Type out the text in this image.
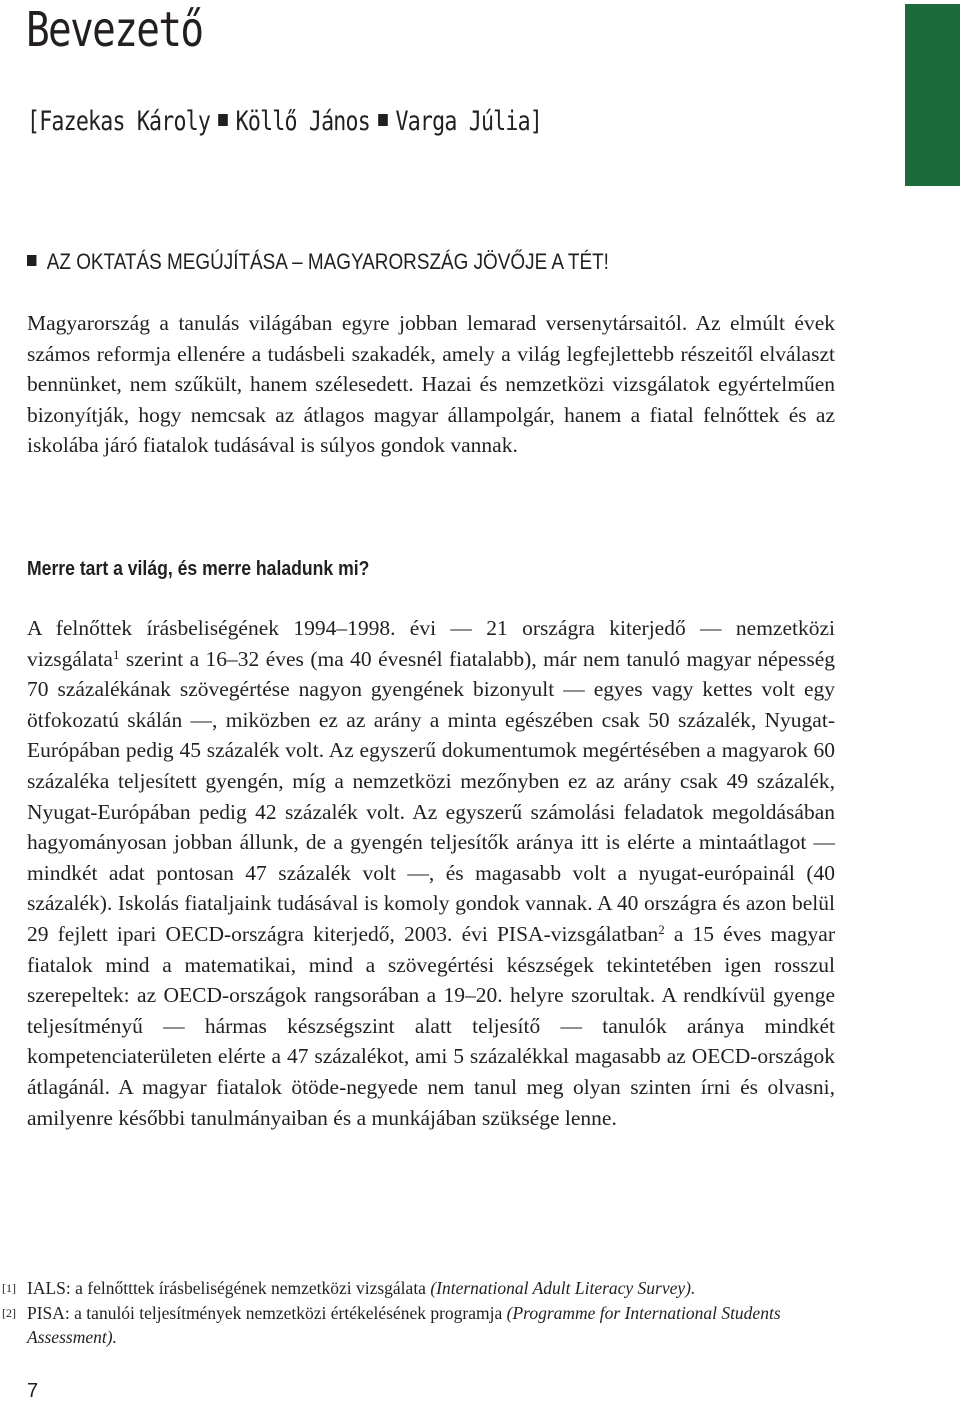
Bevezető
[Fazekas Károly Köllő János Varga Júlia]
AZ OKTATÁS MEGÚJÍTÁSA – MAGYARORSZÁG JÖVŐJE A TÉT!

Magyarország a tanulás világában egyre jobban lemarad versenytársaitól. Az elmúlt évek számos reformja ellenére a tudásbeli szakadék, amely a világ legfejlettebb részeitől elválaszt bennünket, nem szűkült, hanem szélesedett. Hazai és nemzetközi vizsgálatok egyértelműen bizonyítják, hogy nemcsak az átlagos magyar állampolgár, hanem a fiatal felnőttek és az iskolába járó fiatalok tudásával is súlyos gondok vannak.

Merre tart a világ, és merre haladunk mi?

A felnőttek írásbeliségének 1994–1998. évi — 21 országra kiterjedő — nemzetközi vizsgálata$^1$ szerint a 16–32 éves (ma 40 évesnél fiatalabb), már nem tanuló magyar népesség 70 százalékának szövegértése nagyon gyengének bizonyult — egyes vagy kettes volt egy ötfokozatú skálán —, miközben ez az arány a minta egészében csak 50 százalék, Nyugat-Európában pedig 45 százalék volt. Az egyszerű dokumentumok megértésében a magyarok 60 százaléka teljesített gyengén, míg a nemzetközi mezőnyben ez az arány csak 49 százalék, Nyugat-Európában pedig 42 százalék volt. Az egyszerű számolási feladatok megoldásában hagyományosan jobban állunk, de a gyengén teljesítők aránya itt is elérte a mintaátlagot — mindkét adat pontosan 47 százalék volt —, és magasabb volt a nyugat-európainál (40 százalék). Iskolás fiataljaink tudásával is komoly gondok vannak. A 40 országra és azon belül 29 fejlett ipari OECD-országra kiterjedő, 2003. évi PISA-vizsgálatban$^2$ a 15 éves magyar fiatalok mind a matematikai, mind a szövegértési készségek tekintetében igen rosszul szerepeltek: az OECD-országok rangsorában a 19–20. helyre szorultak. A rendkívül gyenge teljesítményű — hármas készségszint alatt teljesítő — tanulók aránya mindkét kompetenciaterületen elérte a 47 százalékot, ami 5 százalékkal magasabb az OECD-országok átlagánál. A magyar fiatalok ötöde-negyede nem tanul meg olyan szinten írni és olvasni, amilyenre későbbi tanulmányaiban és a munkájában szüksége lenne.

[1] IALS: a felnőtttek írásbeliségének nemzetközi vizsgálata (International Adult Literacy Survey).
[2] PISA: a tanulói teljesítmények nemzetközi értékelésének programja (Programme for International Students Assessment).
7
